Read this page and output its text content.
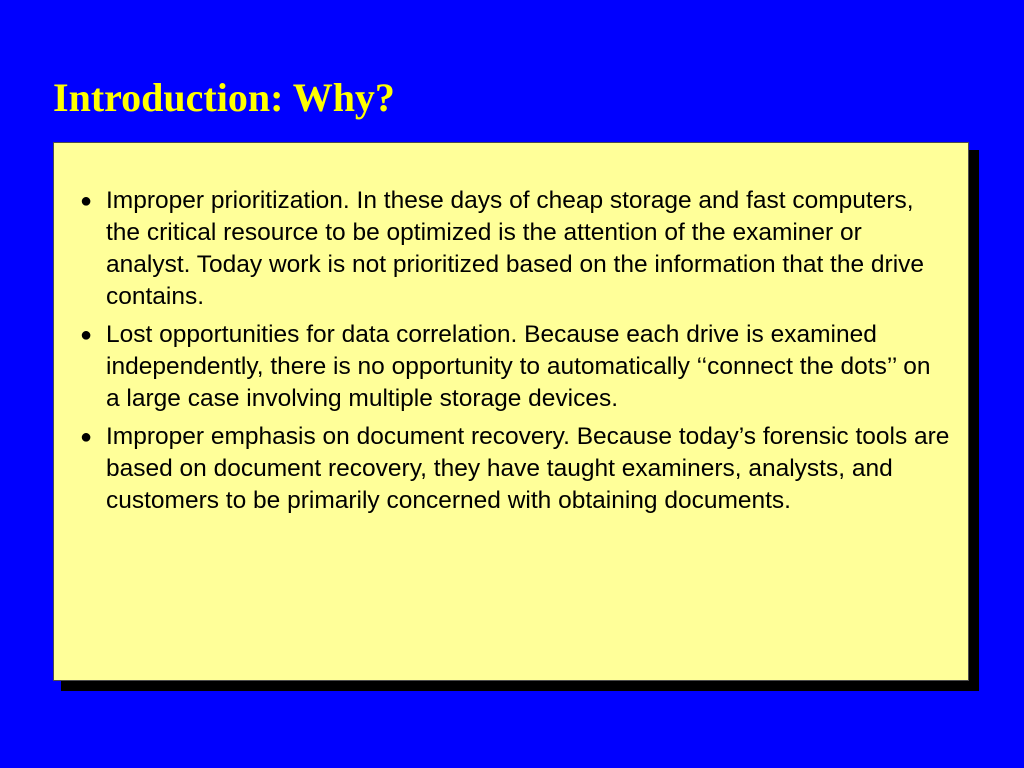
Introduction: Why?
● Improper prioritization. In these days of cheap storage and fast computers, the critical resource to be optimized is the attention of the examiner or analyst. Today work is not prioritized based on the information that the drive contains.
● Lost opportunities for data correlation. Because each drive is examined independently, there is no opportunity to automatically ‘‘connect the dots’’ on a large case involving multiple storage devices.
● Improper emphasis on document recovery. Because today’s forensic tools are based on document recovery, they have taught examiners, analysts, and customers to be primarily concerned with obtaining documents.
